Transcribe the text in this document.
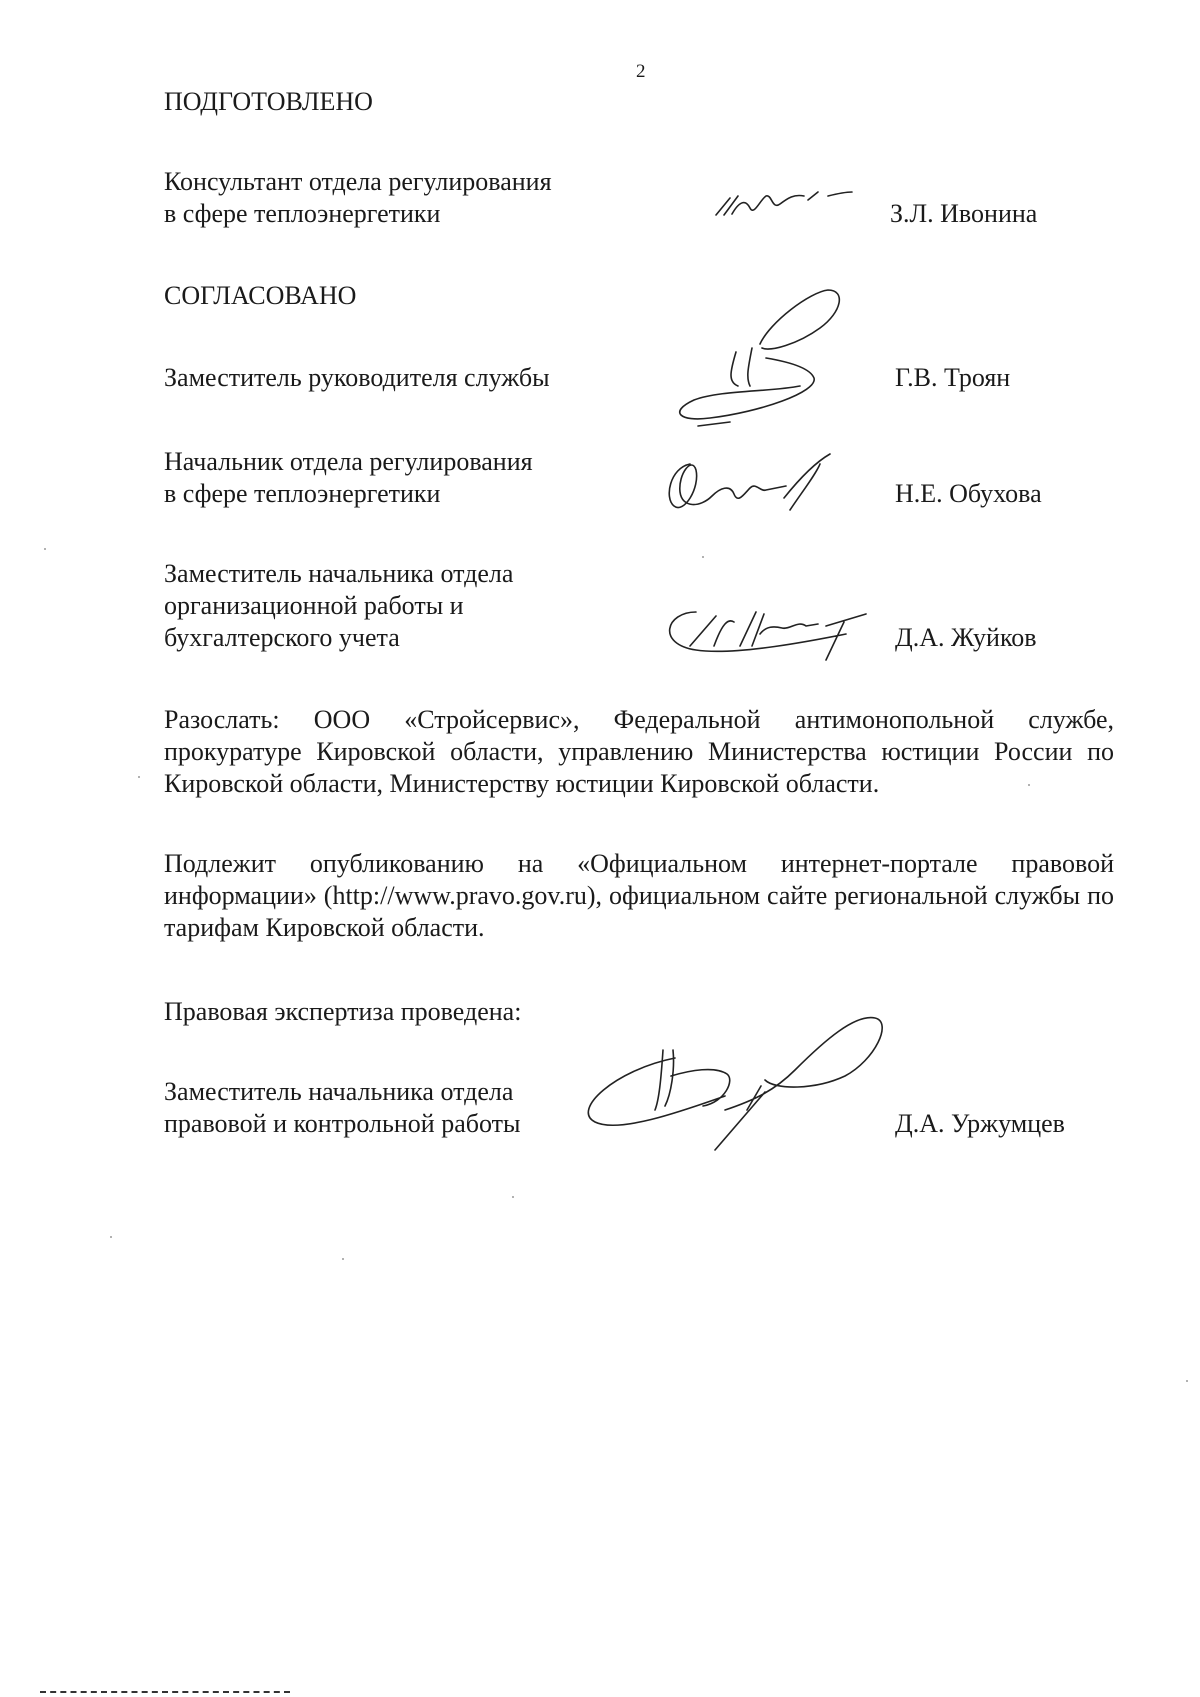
2
ПОДГОТОВЛЕНО
Консультант отдела регулирования
в сфере теплоэнергетики	З.Л. Ивонина
СОГЛАСОВАНО
Заместитель руководителя службы	Г.В. Троян
Начальник отдела регулирования
в сфере теплоэнергетики	Н.Е. Обухова
Заместитель начальника отдела
организационной работы и
бухгалтерского учета	Д.А. Жуйков
Разослать: ООО «Стройсервис», Федеральной антимонопольной службе, прокуратуре Кировской области, управлению Министерства юстиции России по Кировской области, Министерству юстиции Кировской области.
Подлежит опубликованию на «Официальном интернет-портале правовой информации» (http://www.pravo.gov.ru), официальном сайте региональной службы по тарифам Кировской области.
Правовая экспертиза проведена:
Заместитель начальника отдела
правовой и контрольной работы	Д.А. Уржумцев
